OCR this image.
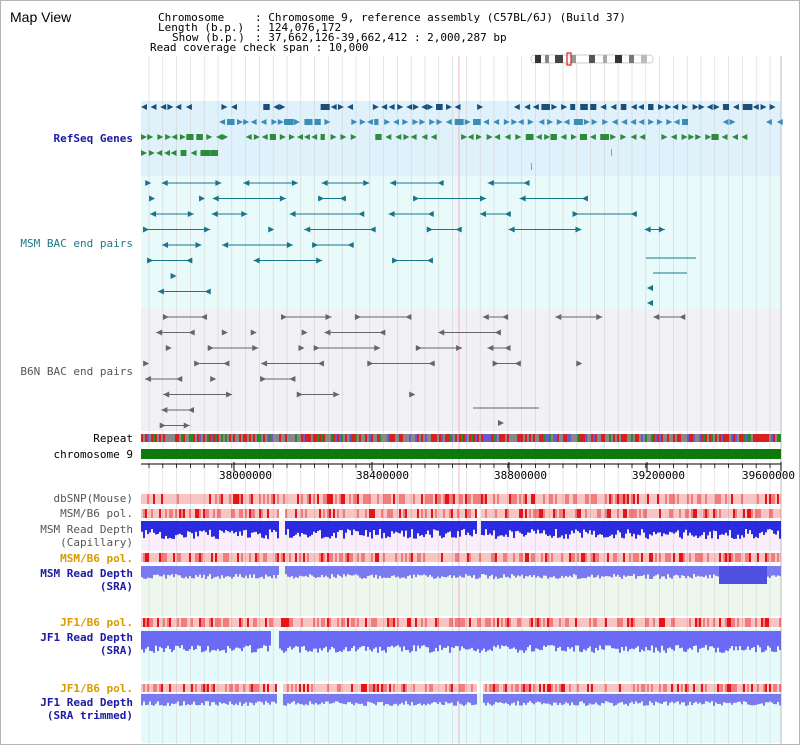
Map View	Chromosome	: Chromosome 9, reference assembly (C57BL/6J) (Build 37)
Length (b.p.) : 124,076,172
Show (b.p.) : 37,662,126-39,662,412 : 2,000,287 bp
Read coverage check span : 10,000
RefSeq Genes
MSM BAC end pairs
B6N BAC end pairs
Repeat
chromosome 9
dbSNP(Mouse)
MSM/B6 pol.
MSM Read Depth
(Capillary)
MSM/B6 pol.
MSM Read Depth
(SRA)
JF1/B6 pol.
JF1 Read Depth
(SRA)
JF1/B6 pol.
JF1 Read Depth
(SRA trimmed)
38000000	38400000	38800000	39200000	39600000
